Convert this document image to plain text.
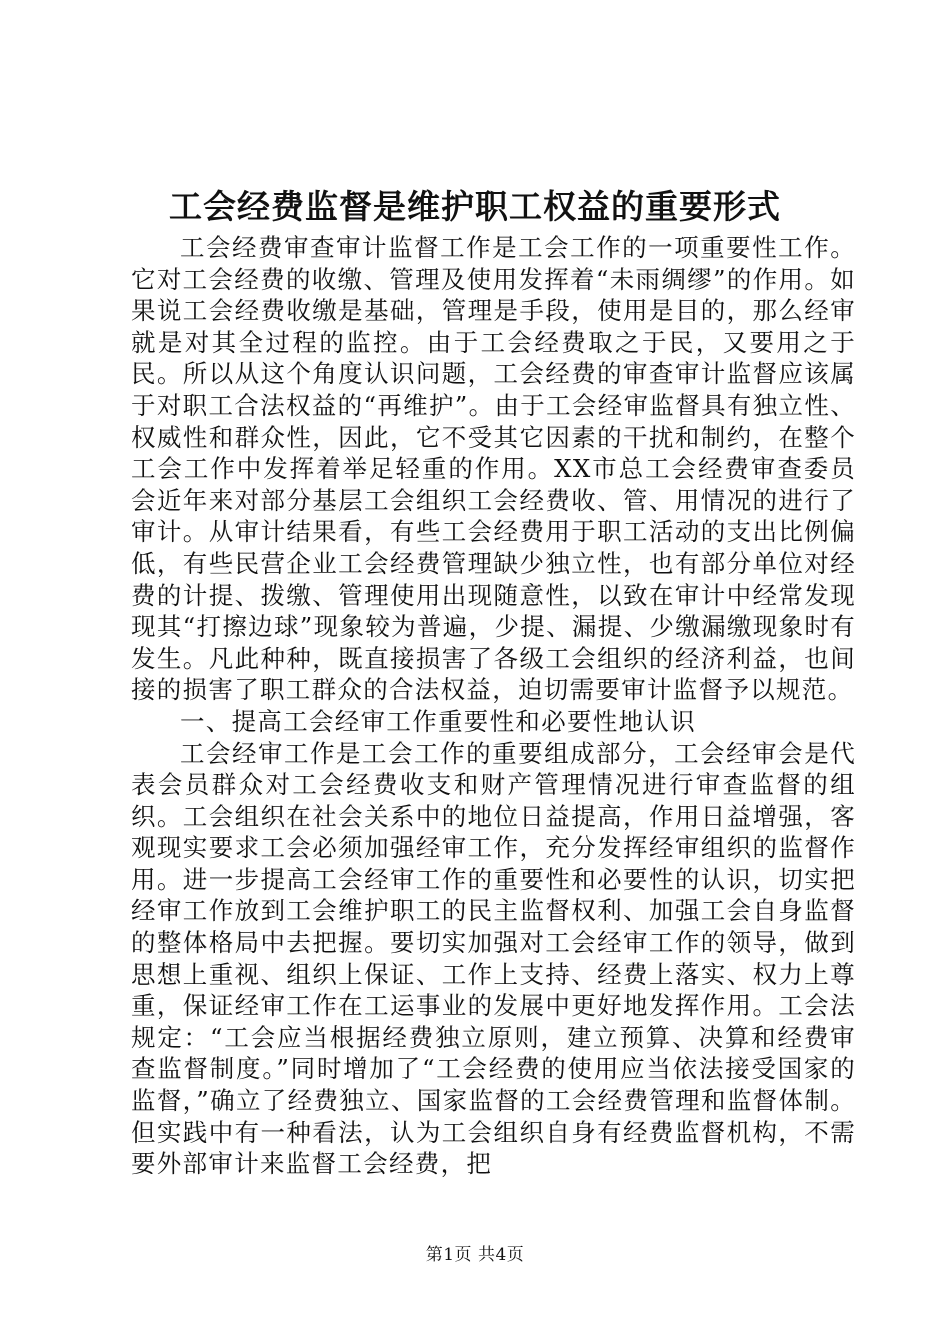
工会经费监督是维护职工权益的重要形式

工会经费审查审计监督工作是工会工作的一项重要性工作。它对工会经费的收缴、管理及使用发挥着“未雨绸缪”的作用。如果说工会经费收缴是基础，管理是手段，使用是目的，那么经审就是对其全过程的监控。由于工会经费取之于民，又要用之于民。所以从这个角度认识问题，工会经费的审查审计监督应该属于对职工合法权益的“再维护”。由于工会经审监督具有独立性、权威性和群众性，因此，它不受其它因素的干扰和制约，在整个工会工作中发挥着举足轻重的作用。XX市总工会经费审查委员会近年来对部分基层工会组织工会经费收、管、用情况的进行了审计。从审计结果看，有些工会经费用于职工活动的支出比例偏低，有些民营企业工会经费管理缺少独立性，也有部分单位对经费的计提、拨缴、管理使用出现随意性，以致在审计中经常发现现其“打擦边球”现象较为普遍，少提、漏提、少缴漏缴现象时有发生。凡此种种，既直接损害了各级工会组织的经济利益，也间接的损害了职工群众的合法权益，迫切需要审计监督予以规范。

一、提高工会经审工作重要性和必要性地认识

工会经审工作是工会工作的重要组成部分，工会经审会是代表会员群众对工会经费收支和财产管理情况进行审查监督的组织。工会组织在社会关系中的地位日益提高，作用日益增强，客观现实要求工会必须加强经审工作，充分发挥经审组织的监督作用。进一步提高工会经审工作的重要性和必要性的认识，切实把经审工作放到工会维护职工的民主监督权利、加强工会自身监督的整体格局中去把握。要切实加强对工会经审工作的领导，做到思想上重视、组织上保证、工作上支持、经费上落实、权力上尊重，保证经审工作在工运事业的发展中更好地发挥作用。工会法规定：“工会应当根据经费独立原则，建立预算、决算和经费审查监督制度。”同时增加了“工会经费的使用应当依法接受国家的监督，”确立了经费独立、国家监督的工会经费管理和监督体制。但实践中有一种看法，认为工会组织自身有经费监督机构，不需要外部审计来监督工会经费，把

第1页 共4页
